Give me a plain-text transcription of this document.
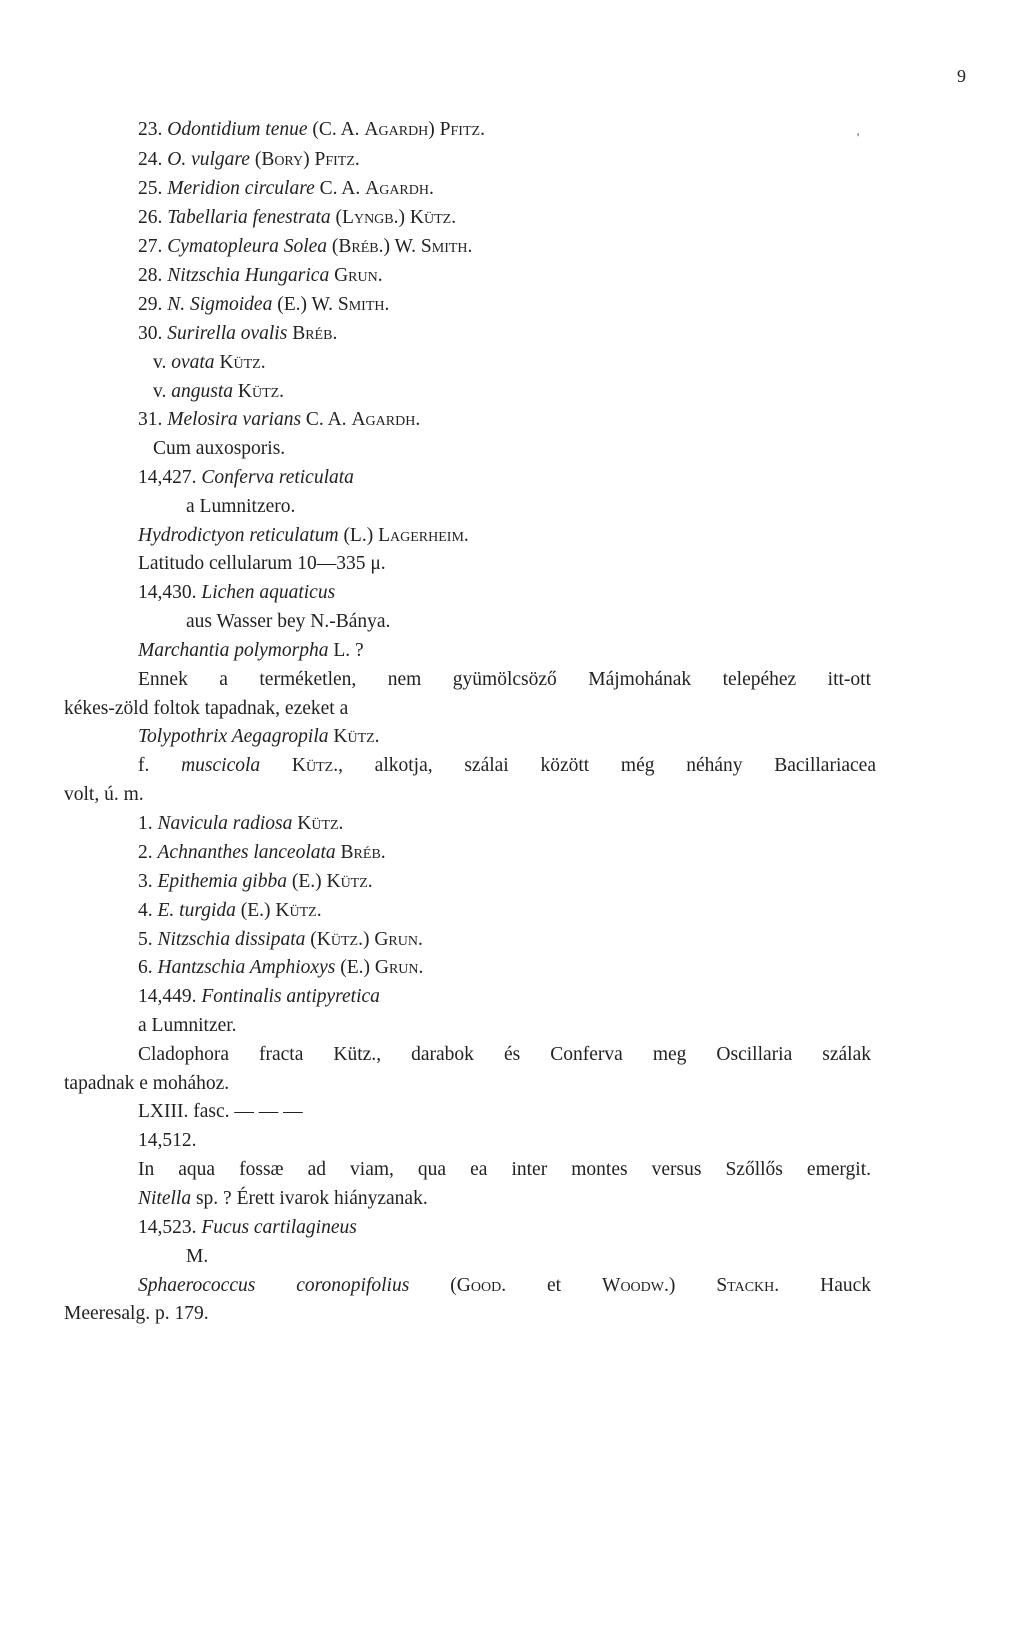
9
'
23. Odontidium tenue (C. A. Agardh) Pfitz.
24. O. vulgare (Bory) Pfitz.
25. Meridion circulare C. A. Agardh.
26. Tabellaria fenestrata (Lyngb.) Kütz.
27. Cymatopleura Solea (Bréb.) W. Smith.
28. Nitzschia Hungarica Grun.
29. N. Sigmoidea (E.) W. Smith.
30. Surirella ovalis Bréb.
v. ovata Kütz.
v. angusta Kütz.
31. Melosira varians C. A. Agardh.
Cum auxosporis.
14,427. Conferva reticulata
a Lumnitzero.
Hydrodictyon reticulatum (L.) Lagerheim.
Latitudo cellularum 10—335 μ.
14,430. Lichen aquaticus
aus Wasser bey N.-Bánya.
Marchantia polymorpha L. ?
Ennek a terméketlen, nem gyümölcsöző Májmohának telepéhez itt-ott
kékes-zöld foltok tapadnak, ezeket a
Tolypothrix Aegagropila Kütz.
f. muscicola Kütz., alkotja, szálai között még néhány Bacillariacea
volt, ú. m.
1. Navicula radiosa Kütz.
2. Achnanthes lanceolata Bréb.
3. Epithemia gibba (E.) Kütz.
4. E. turgida (E.) Kütz.
5. Nitzschia dissipata (Kütz.) Grun.
6. Hantzschia Amphioxys (E.) Grun.
14,449. Fontinalis antipyretica
a Lumnitzer.
Cladophora fracta Kütz., darabok és Conferva meg Oscillaria szálak
tapadnak e mohához.
LXIII. fasc. — — —
14,512.
In aqua fossæ ad viam, qua ea inter montes versus Szőllős emergit.
Nitella sp. ? Érett ivarok hiányzanak.
14,523. Fucus cartilagineus
M.
Sphaerococcus coronopifolius (Good. et Woodw.) Stackh. Hauck
Meeresalg. p. 179.
